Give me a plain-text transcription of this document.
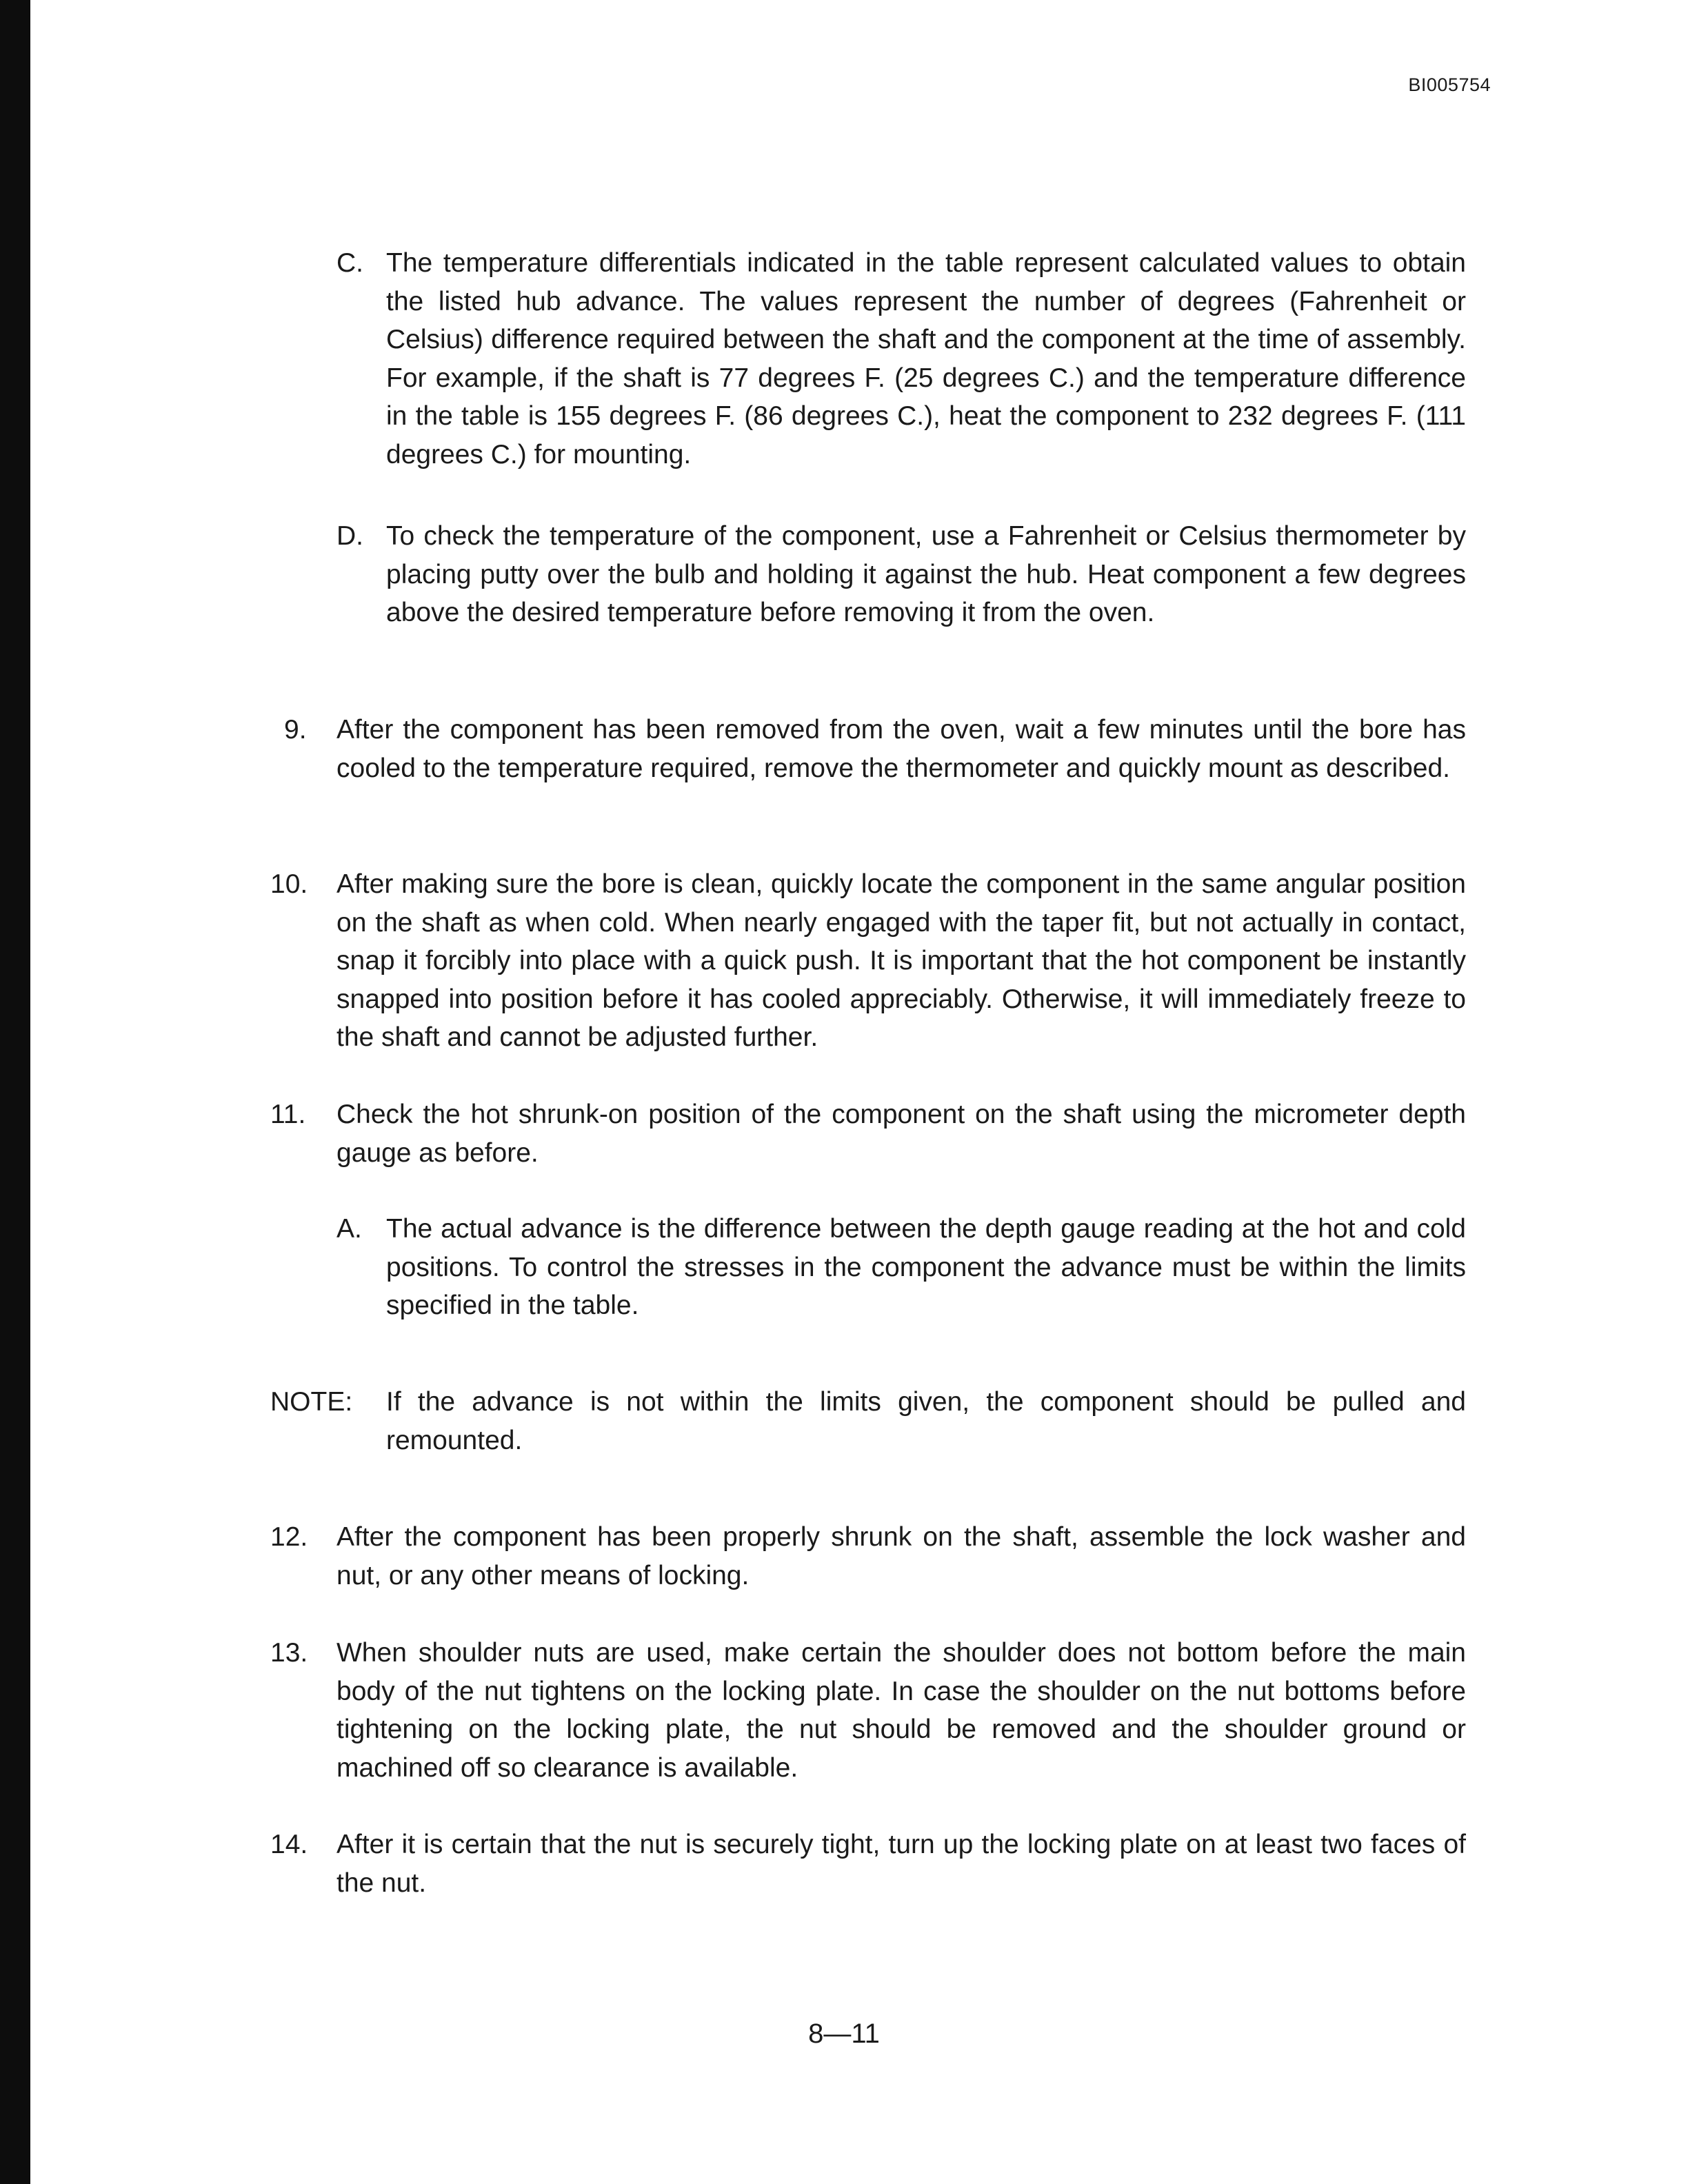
BI005754
C. The temperature differentials indicated in the table represent calculated values to obtain the listed hub advance. The values represent the number of degrees (Fahrenheit or Celsius) difference required between the shaft and the component at the time of assembly. For example, if the shaft is 77 degrees F. (25 degrees C.) and the temperature difference in the table is 155 degrees F. (86 degrees C.), heat the component to 232 degrees F. (111 degrees C.) for mounting.
D. To check the temperature of the component, use a Fahrenheit or Celsius thermometer by placing putty over the bulb and holding it against the hub. Heat component a few degrees above the desired temperature before removing it from the oven.
9. After the component has been removed from the oven, wait a few minutes until the bore has cooled to the temperature required, remove the thermometer and quickly mount as described.
10. After making sure the bore is clean, quickly locate the component in the same angular position on the shaft as when cold. When nearly engaged with the taper fit, but not actually in contact, snap it forcibly into place with a quick push. It is important that the hot component be instantly snapped into position before it has cooled appreciably. Otherwise, it will immediately freeze to the shaft and cannot be adjusted further.
11. Check the hot shrunk-on position of the component on the shaft using the micrometer depth gauge as before.
A. The actual advance is the difference between the depth gauge reading at the hot and cold positions. To control the stresses in the component the advance must be within the limits specified in the table.
NOTE: If the advance is not within the limits given, the component should be pulled and remounted.
12. After the component has been properly shrunk on the shaft, assemble the lock washer and nut, or any other means of locking.
13. When shoulder nuts are used, make certain the shoulder does not bottom before the main body of the nut tightens on the locking plate. In case the shoulder on the nut bottoms before tightening on the locking plate, the nut should be removed and the shoulder ground or machined off so clearance is available.
14. After it is certain that the nut is securely tight, turn up the locking plate on at least two faces of the nut.
8—11
